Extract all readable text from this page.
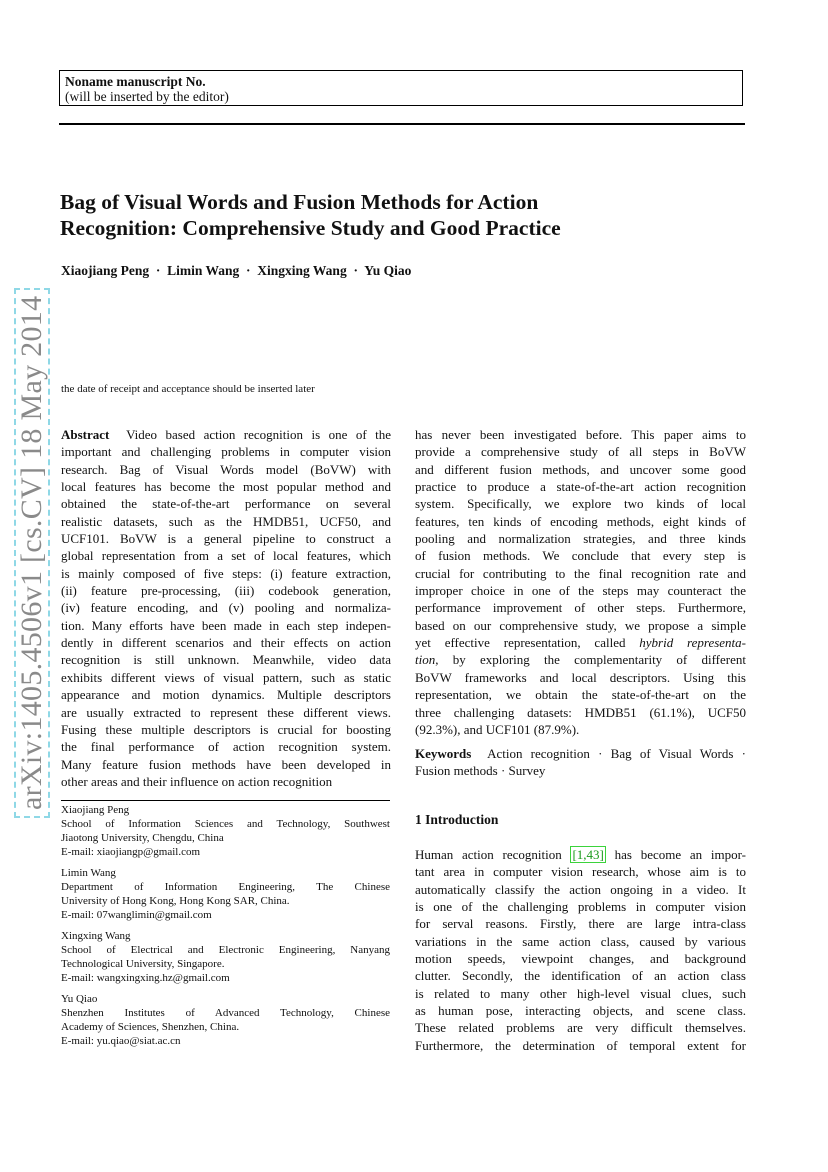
Noname manuscript No.
(will be inserted by the editor)
Bag of Visual Words and Fusion Methods for Action
Recognition: Comprehensive Study and Good Practice
Xiaojiang Peng  ·  Limin Wang  ·  Xingxing Wang  ·  Yu Qiao
arXiv:1405.4506v1 [cs.CV] 18 May 2014 the date of receipt and acceptance should be inserted later
Abstract  Video based action recognition is one of the
important and challenging problems in computer vision
research. Bag of Visual Words model (BoVW) with
local features has become the most popular method and
obtained the state-of-the-art performance on several
realistic datasets, such as the HMDB51, UCF50, and
UCF101. BoVW is a general pipeline to construct a
global representation from a set of local features, which
is mainly composed of five steps: (i) feature extraction,
(ii) feature pre-processing, (iii) codebook generation,
(iv) feature encoding, and (v) pooling and normaliza-
tion. Many efforts have been made in each step indepen-
dently in different scenarios and their effects on action
recognition is still unknown. Meanwhile, video data
exhibits different views of visual pattern, such as static
appearance and motion dynamics. Multiple descriptors
are usually extracted to represent these different views.
Fusing these multiple descriptors is crucial for boosting
the final performance of action recognition system.
Many feature fusion methods have been developed in
other areas and their influence on action recognition
has never been investigated before. This paper aims to
provide a comprehensive study of all steps in BoVW
and different fusion methods, and uncover some good
practice to produce a state-of-the-art action recognition
system. Specifically, we explore two kinds of local
features, ten kinds of encoding methods, eight kinds of
pooling and normalization strategies, and three kinds
of fusion methods. We conclude that every step is
crucial for contributing to the final recognition rate and
improper choice in one of the steps may counteract the
performance improvement of other steps. Furthermore,
based on our comprehensive study, we propose a simple
yet effective representation, called hybrid representa-
tion, by exploring the complementarity of different
BoVW frameworks and local descriptors. Using this
representation, we obtain the state-of-the-art on the
three challenging datasets: HMDB51 (61.1%), UCF50
(92.3%), and UCF101 (87.9%).
Keywords Action recognition · Bag of Visual Words ·
Fusion methods · Survey
1 Introduction
Human action recognition [1,43] has become an impor-
tant area in computer vision research, whose aim is to
automatically classify the action ongoing in a video. It
is one of the challenging problems in computer vision
for serval reasons. Firstly, there are large intra-class
variations in the same action class, caused by various
motion speeds, viewpoint changes, and background
clutter. Secondly, the identification of an action class
is related to many other high-level visual clues, such
as human pose, interacting objects, and scene class.
These related problems are very difficult themselves.
Furthermore, the determination of temporal extent for
Xiaojiang Peng
School of Information Sciences and Technology, Southwest
Jiaotong University, Chengdu, China
E-mail: xiaojiangp@gmail.com
Limin Wang
Department of Information Engineering, The Chinese
University of Hong Kong, Hong Kong SAR, China.
E-mail: 07wanglimin@gmail.com
Xingxing Wang
School of Electrical and Electronic Engineering, Nanyang
Technological University, Singapore.
E-mail: wangxingxing.hz@gmail.com
Yu Qiao
Shenzhen Institutes of Advanced Technology, Chinese
Academy of Sciences, Shenzhen, China.
E-mail: yu.qiao@siat.ac.cn
